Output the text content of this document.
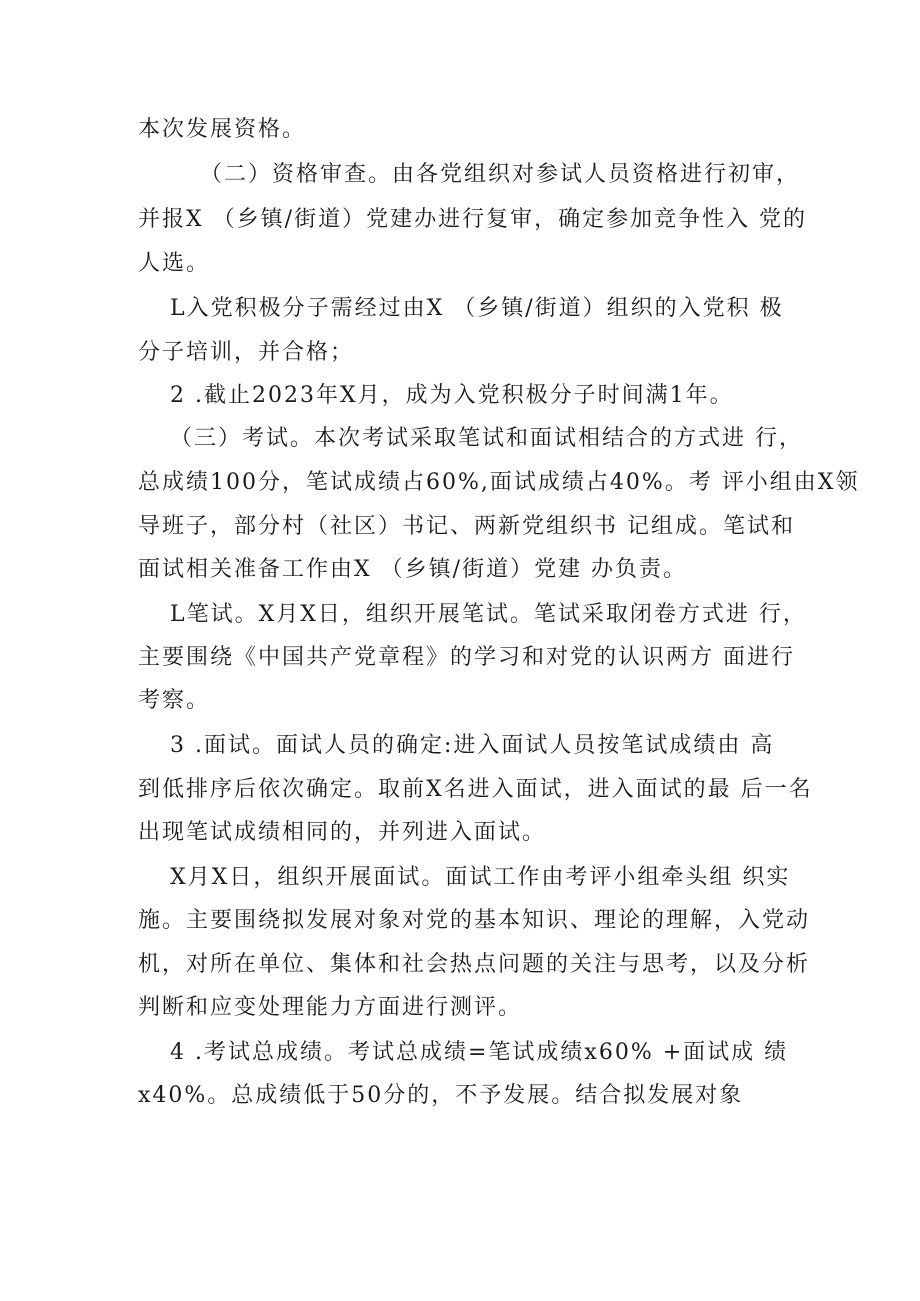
本次发展资格。
（二）资格审查。由各党组织对参试人员资格进行初审，
并报X （乡镇/街道）党建办进行复审，确定参加竞争性入 党的
人选。
L入党积极分子需经过由X （乡镇/街道）组织的入党积 极
分子培训，并合格；
2 .截止2023年X月，成为入党积极分子时间满1年。
（三）考试。本次考试采取笔试和面试相结合的方式进 行，
总成绩100分，笔试成绩占60%,面试成绩占40%。考 评小组由X领
导班子，部分村（社区）书记、两新党组织书 记组成。笔试和
面试相关准备工作由X （乡镇/街道）党建 办负责。
L笔试。X月X日，组织开展笔试。笔试采取闭卷方式进 行，
主要围绕《中国共产党章程》的学习和对党的认识两方 面进行
考察。
3 .面试。面试人员的确定:进入面试人员按笔试成绩由 高
到低排序后依次确定。取前X名进入面试，进入面试的最 后一名
出现笔试成绩相同的，并列进入面试。
X月X日，组织开展面试。面试工作由考评小组牵头组 织实
施。主要围绕拟发展对象对党的基本知识、理论的理解，入党动
机，对所在单位、集体和社会热点问题的关注与思考，以及分析
判断和应变处理能力方面进行测评。
4 .考试总成绩。考试总成绩=笔试成绩x60% +面试成 绩
x40%。总成绩低于50分的，不予发展。结合拟发展对象
